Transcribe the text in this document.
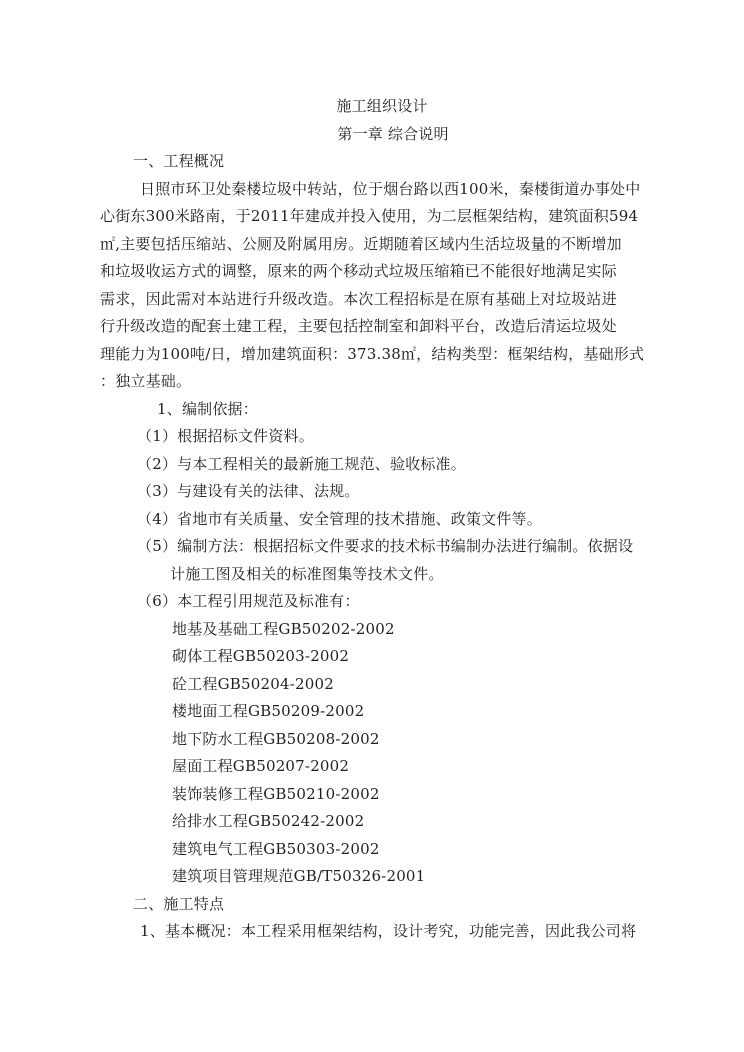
施工组织设计
第一章 综合说明
一、工程概况
日照市环卫处秦楼垃圾中转站，位于烟台路以西100米，秦楼街道办事处中
心街东300米路南，于2011年建成并投入使用，为二层框架结构，建筑面积594
㎡,主要包括压缩站、公厕及附属用房。近期随着区域内生活垃圾量的不断增加
和垃圾收运方式的调整，原来的两个移动式垃圾压缩箱已不能很好地满足实际
需求，因此需对本站进行升级改造。本次工程招标是在原有基础上对垃圾站进
行升级改造的配套土建工程，主要包括控制室和卸料平台，改造后清运垃圾处
理能力为100吨/日，增加建筑面积：373.38㎡，结构类型：框架结构，基础形式
：独立基础。
1、编制依据：
（1）根据招标文件资料。
（2）与本工程相关的最新施工规范、验收标准。
（3）与建设有关的法律、法规。
（4）省地市有关质量、安全管理的技术措施、政策文件等。
（5）编制方法：根据招标文件要求的技术标书编制办法进行编制。依据设
计施工图及相关的标准图集等技术文件。
（6）本工程引用规范及标准有：
地基及基础工程GB50202-2002
砌体工程GB50203-2002
砼工程GB50204-2002
楼地面工程GB50209-2002
地下防水工程GB50208-2002
屋面工程GB50207-2002
装饰装修工程GB50210-2002
给排水工程GB50242-2002
建筑电气工程GB50303-2002
建筑项目管理规范GB/T50326-2001
二、施工特点
1、基本概况：本工程采用框架结构，设计考究，功能完善，因此我公司将
